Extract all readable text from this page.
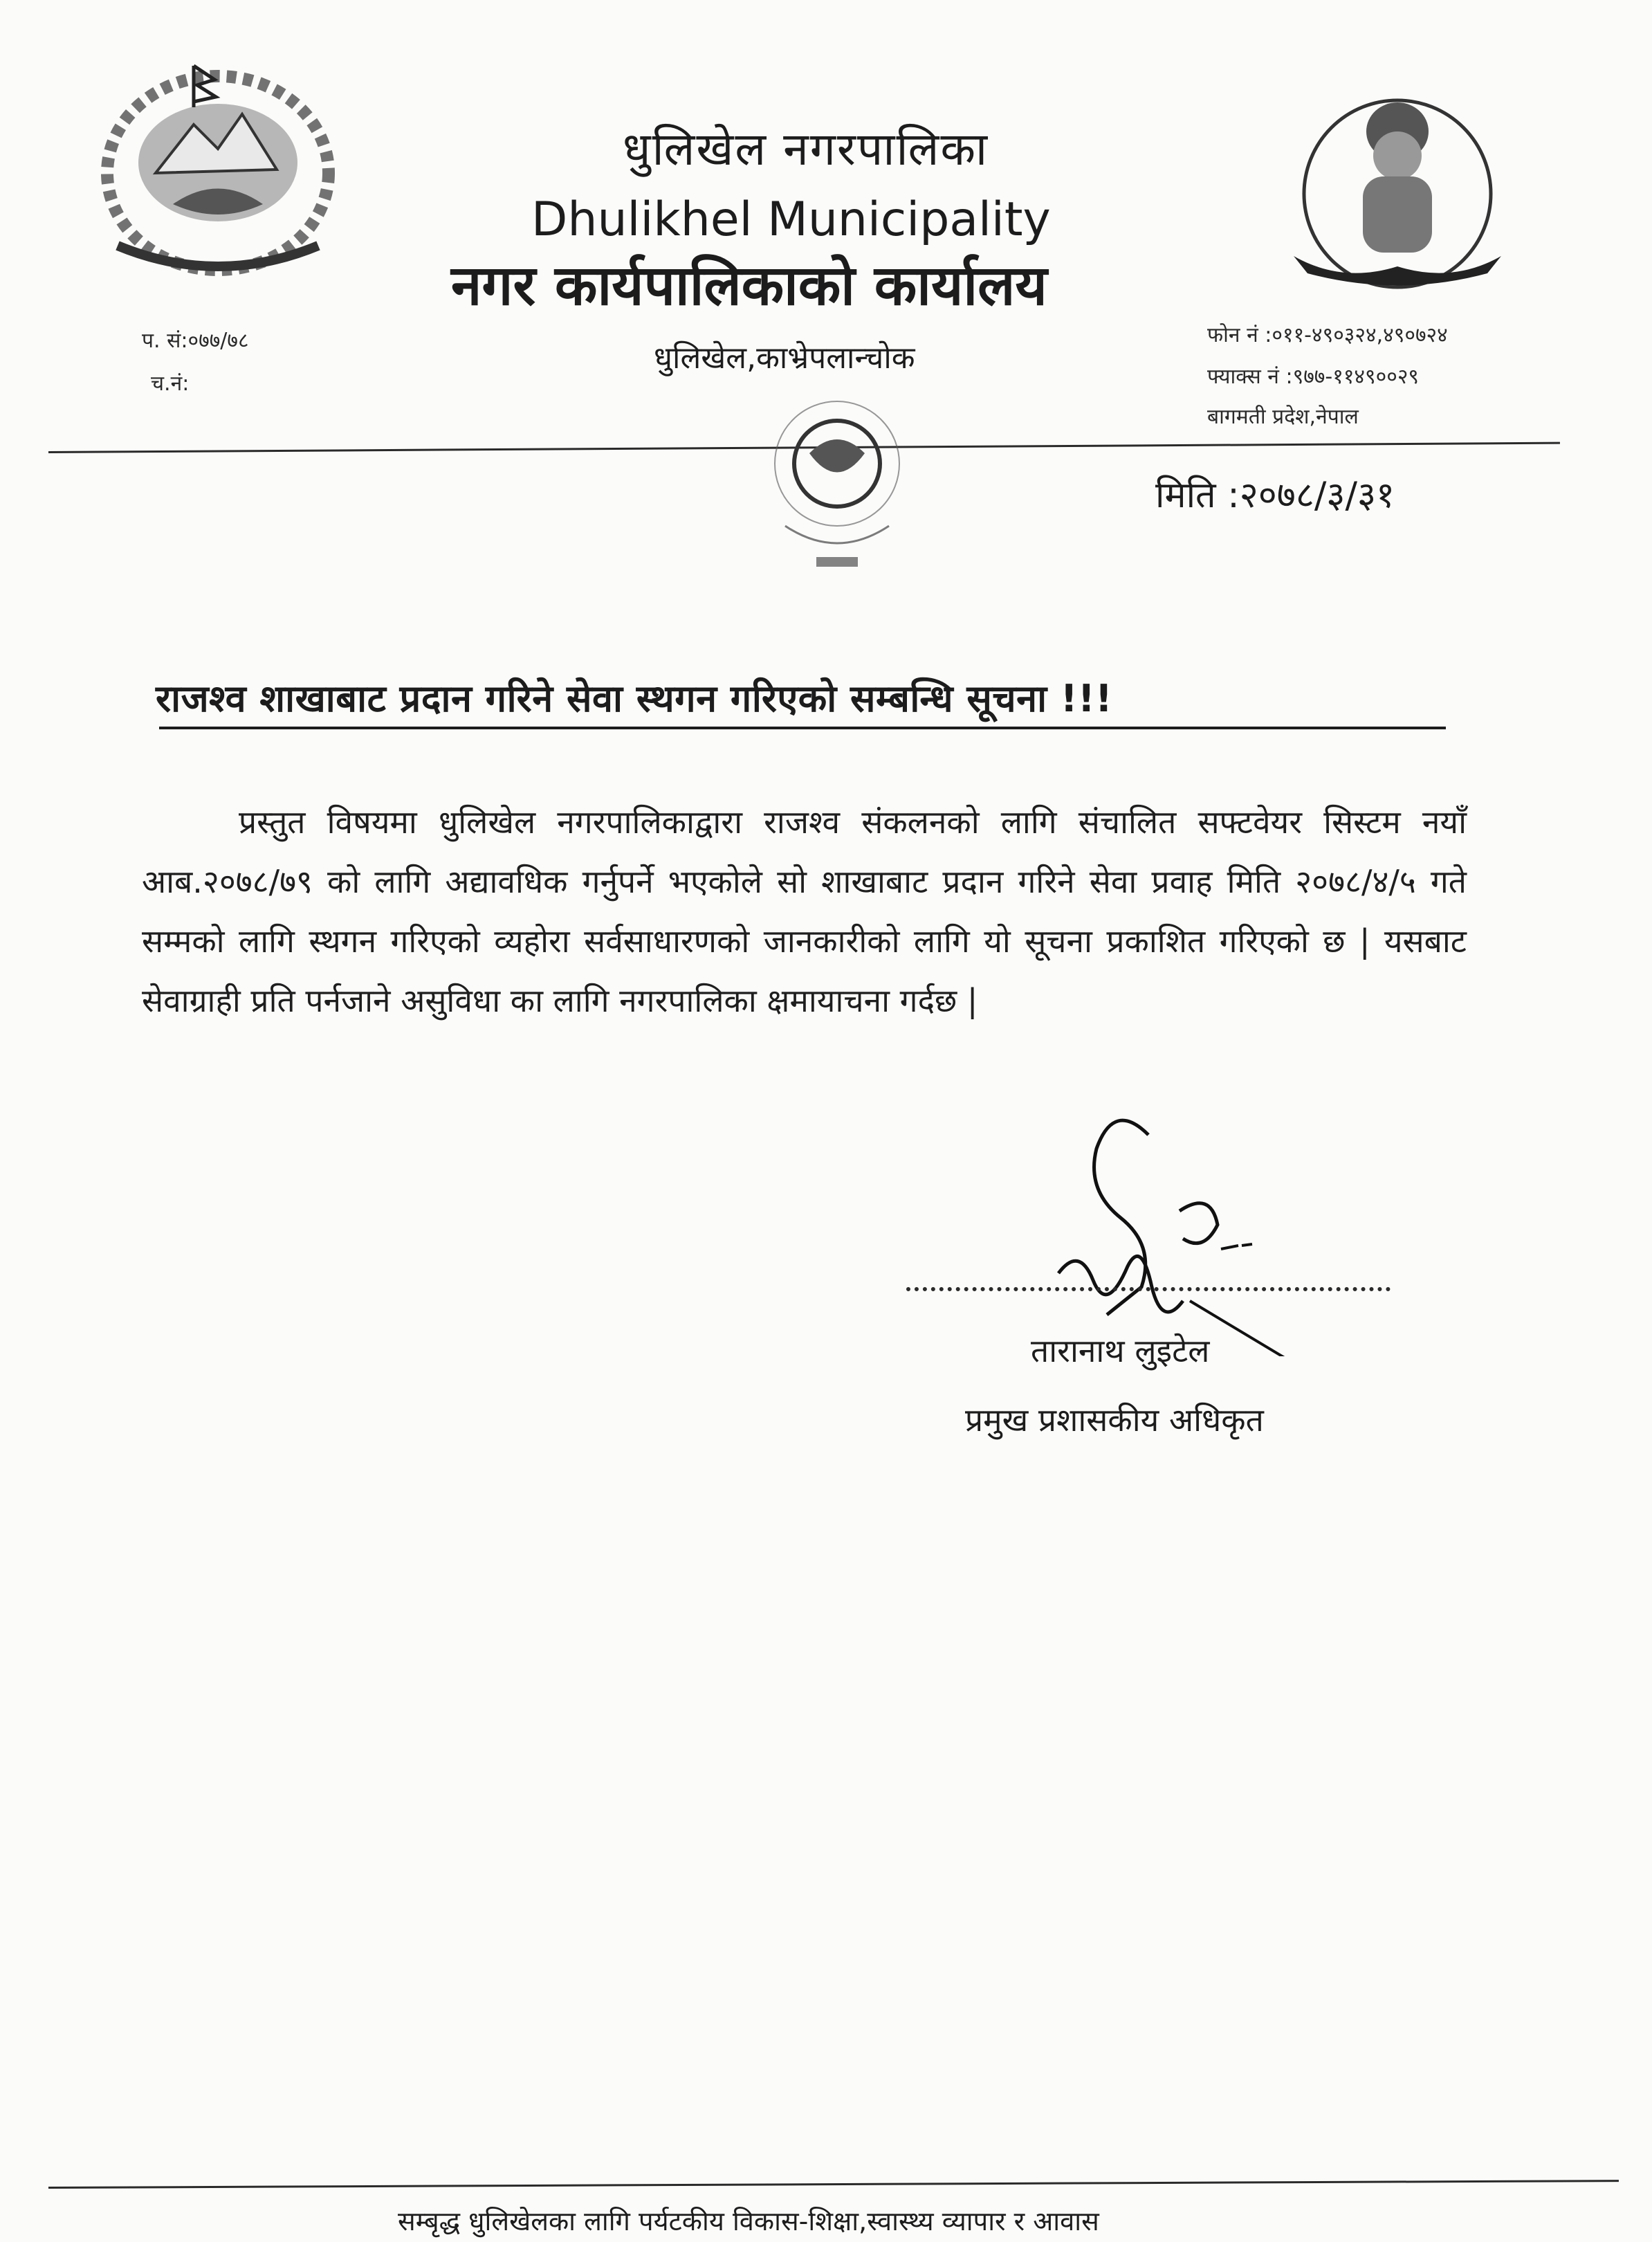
धुलिखेल नगरपालिका
Dhulikhel Municipality
नगर कार्यपालिकाको कार्यालय
प. सं:०७७/७८
च.नं:
धुलिखेल,काभ्रेपलान्चोक
फोन नं :०११-४९०३२४,४९०७२४
फ्याक्स नं :९७७-११४९००२९
बागमती प्रदेश,नेपाल
मिति :२०७८/३/३१
राजश्व शाखाबाट प्रदान गरिने सेवा स्थगन गरिएको सम्बन्धि सूचना !!!
प्रस्तुत विषयमा धुलिखेल नगरपालिकाद्वारा राजश्व संकलनको लागि संचालित सफ्टवेयर सिस्टम नयाँ आब.२०७८/७९ को लागि अद्यावधिक गर्नुपर्ने भएकोले सो शाखाबाट प्रदान गरिने सेवा प्रवाह मिति २०७८/४/५ गते सम्मको लागि स्थगन गरिएको व्यहोरा सर्वसाधारणको जानकारीको लागि यो सूचना प्रकाशित गरिएको छ | यसबाट सेवाग्राही प्रति पर्नजाने असुविधा का लागि नगरपालिका क्षमायाचना गर्दछ |
तारानाथ लुइटेल
प्रमुख प्रशासकीय अधिकृत
सम्बृद्ध धुलिखेलका लागि पर्यटकीय विकास-शिक्षा,स्वास्थ्य व्यापार र आवास
